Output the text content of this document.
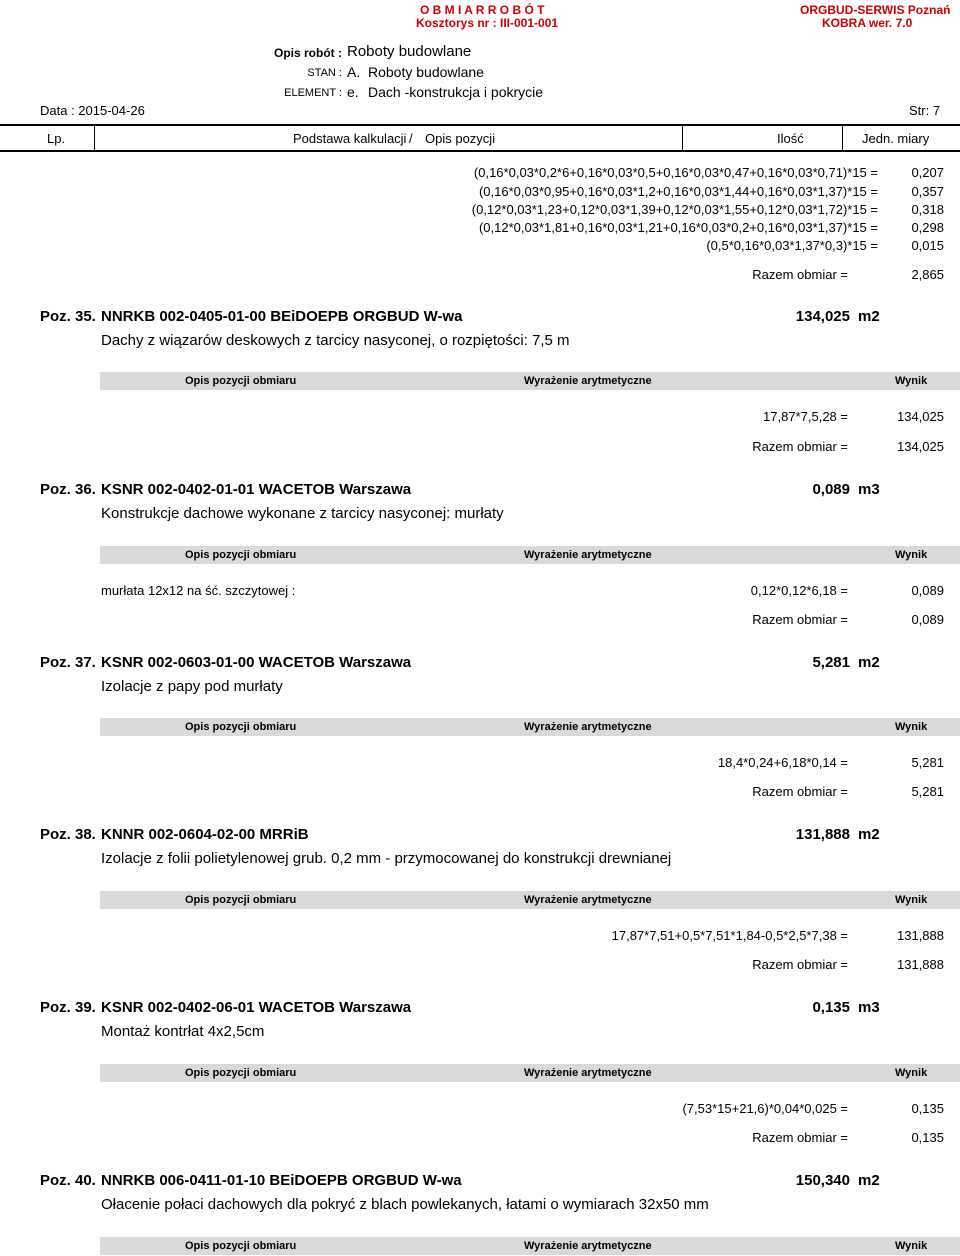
O B M I A R R O B Ó T
Kosztorys nr : III-001-001
ORGBUD-SERWIS Poznań
KOBRA wer. 7.0
Opis robót : Roboty budowlane
STAN : A. Roboty budowlane
ELEMENT : e. Dach -konstrukcja i pokrycie
Data : 2015-04-26	Str: 7
Lp.	Podstawa kalkulacji / Opis pozycji	Ilość	Jedn. miary
(0,16*0,03*0,2*6+0,16*0,03*0,5+0,16*0,03*0,47+0,16*0,03*0,71)*15 =	0,207
(0,16*0,03*0,95+0,16*0,03*1,2+0,16*0,03*1,44+0,16*0,03*1,37)*15 =	0,357
(0,12*0,03*1,23+0,12*0,03*1,39+0,12*0,03*1,55+0,12*0,03*1,72)*15 =	0,318
(0,12*0,03*1,81+0,16*0,03*1,21+0,16*0,03*0,2+0,16*0,03*1,37)*15 =	0,298
(0,5*0,16*0,03*1,37*0,3)*15 =	0,015
Razem obmiar =	2,865
Poz. 35. NNRKB 002-0405-01-00 BEiDOEPB ORGBUD W-wa	134,025 m2
Dachy z wiązarów deskowych z tarcicy nasyconej, o rozpiętości: 7,5 m
Opis pozycji obmiaru	Wyrażenie arytmetyczne	Wynik
17,87*7,5,28 =	134,025
Razem obmiar =	134,025
Poz. 36. KSNR 002-0402-01-01 WACETOB Warszawa	0,089 m3
Konstrukcje dachowe wykonane z tarcicy nasyconej: murłaty
Opis pozycji obmiaru	Wyrażenie arytmetyczne	Wynik
murłata 12x12 na ść. szczytowej :	0,12*0,12*6,18 =	0,089
Razem obmiar =	0,089
Poz. 37. KSNR 002-0603-01-00 WACETOB Warszawa	5,281 m2
Izolacje z papy pod murłaty
Opis pozycji obmiaru	Wyrażenie arytmetyczne	Wynik
18,4*0,24+6,18*0,14 =	5,281
Razem obmiar =	5,281
Poz. 38. KNNR 002-0604-02-00 MRRiB	131,888 m2
Izolacje z folii polietylenowej grub. 0,2 mm - przymocowanej do konstrukcji drewnianej
Opis pozycji obmiaru	Wyrażenie arytmetyczne	Wynik
17,87*7,51+0,5*7,51*1,84-0,5*2,5*7,38 =	131,888
Razem obmiar =	131,888
Poz. 39. KSNR 002-0402-06-01 WACETOB Warszawa	0,135 m3
Montaż kontrłat 4x2,5cm
Opis pozycji obmiaru	Wyrażenie arytmetyczne	Wynik
(7,53*15+21,6)*0,04*0,025 =	0,135
Razem obmiar =	0,135
Poz. 40. NNRKB 006-0411-01-10 BEiDOEPB ORGBUD W-wa	150,340 m2
Ołacenie połaci dachowych dla pokryć z blach powlekanych, łatami o wymiarach 32x50 mm
Opis pozycji obmiaru	Wyrażenie arytmetyczne	Wynik
